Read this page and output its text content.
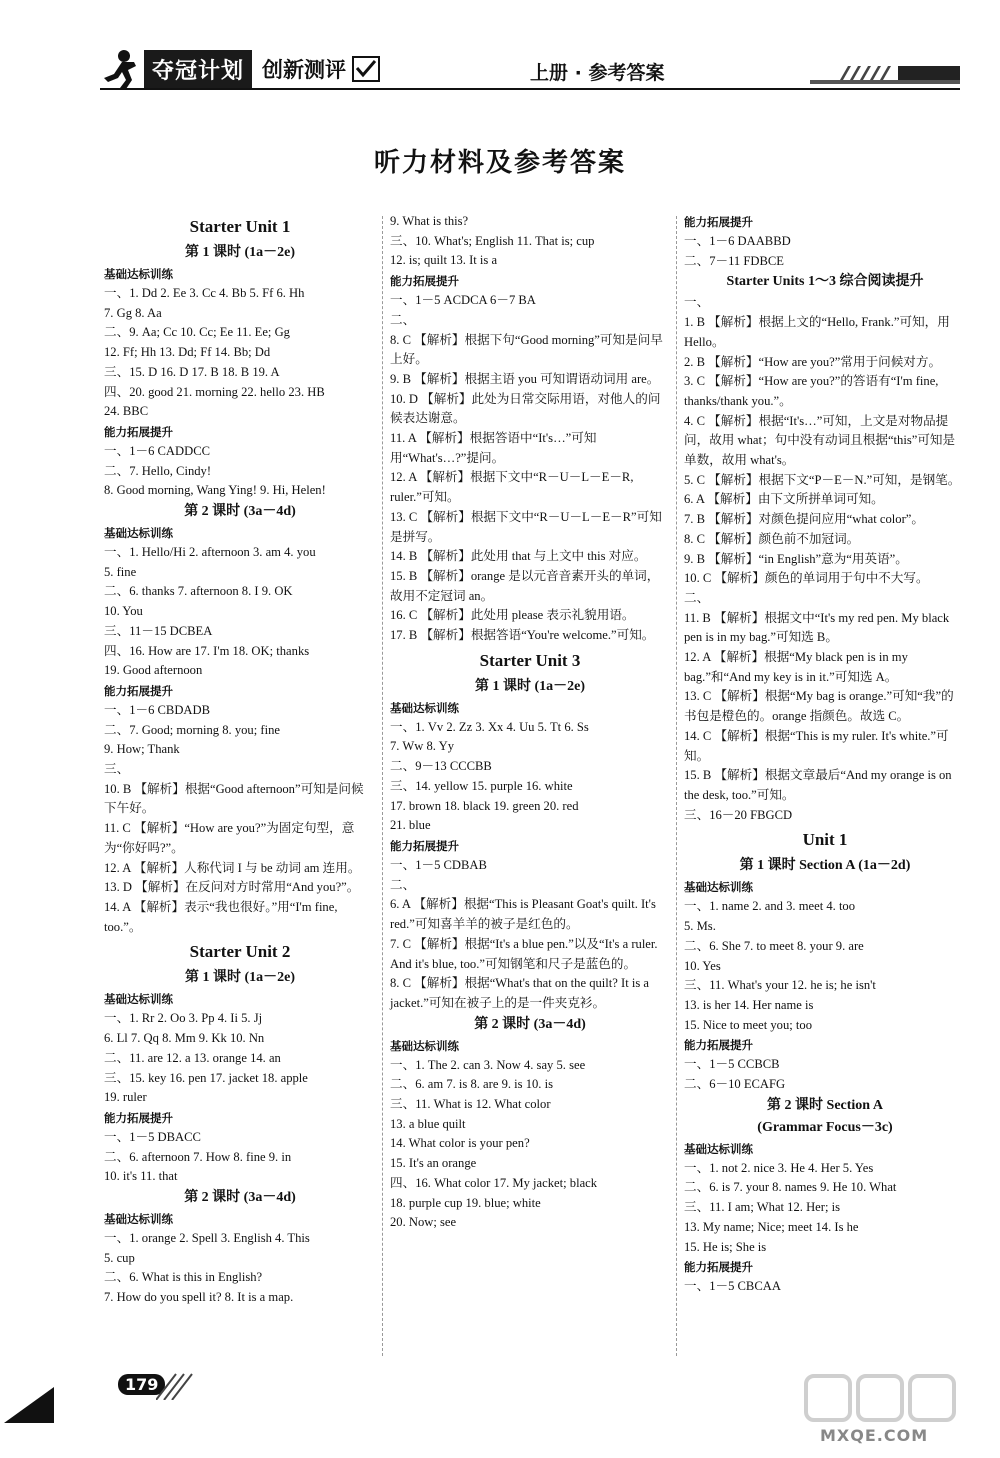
夺冠计划 创新测评	上册 · 参考答案
听力材料及参考答案
Starter Unit 1
第 1 课时 (1a－2e)
基础达标训练
一、1. Dd 2. Ee 3. Cc 4. Bb 5. Ff 6. Hh
7. Gg 8. Aa
二、9. Aa; Cc 10. Cc; Ee 11. Ee; Gg
12. Ff; Hh 13. Dd; Ff 14. Bb; Dd
三、15. D 16. D 17. B 18. B 19. A
四、20. good 21. morning 22. hello 23. HB
24. BBC
能力拓展提升
一、1－6 CADDCC
二、7. Hello, Cindy!
8. Good morning, Wang Ying! 9. Hi, Helen!
第 2 课时 (3a－4d)
基础达标训练
一、1. Hello/Hi 2. afternoon 3. am 4. you
5. fine
二、6. thanks 7. afternoon 8. I 9. OK
10. You
三、11－15 DCBEA
四、16. How are 17. I'm 18. OK; thanks
19. Good afternoon
能力拓展提升
一、1－6 CBDADB
二、7. Good; morning 8. you; fine
9. How; Thank
三、
10. B 【解析】根据“Good afternoon”可知是问候下午好。
11. C 【解析】“How are you?”为固定句型，意为“你好吗?”。
12. A 【解析】人称代词 I 与 be 动词 am 连用。
13. D 【解析】在反问对方时常用“And you?”。
14. A 【解析】表示“我也很好。”用“I'm fine, too.”。
Starter Unit 2
第 1 课时 (1a－2e)
基础达标训练
一、1. Rr 2. Oo 3. Pp 4. Ii 5. Jj
6. Ll 7. Qq 8. Mm 9. Kk 10. Nn
二、11. are 12. a 13. orange 14. an
三、15. key 16. pen 17. jacket 18. apple
19. ruler
能力拓展提升
一、1－5 DBACC
二、6. afternoon 7. How 8. fine 9. in
10. it's 11. that
第 2 课时 (3a－4d)
基础达标训练
一、1. orange 2. Spell 3. English 4. This
5. cup
二、6. What is this in English?
7. How do you spell it? 8. It is a map.
9. What is this?
三、10. What's; English 11. That is; cup
12. is; quilt 13. It is a
能力拓展提升
一、1－5 ACDCA 6－7 BA
二、
8. C 【解析】根据下句“Good morning”可知是问早上好。
9. B 【解析】根据主语 you 可知谓语动词用 are。
10. D 【解析】此处为日常交际用语，对他人的问候表达谢意。
11. A 【解析】根据答语中“It's…”可知用“What's…?”提问。
12. A 【解析】根据下文中“R－U－L－E－R, ruler.”可知。
13. C 【解析】根据下文中“R－U－L－E－R”可知是拼写。
14. B 【解析】此处用 that 与上文中 this 对应。
15. B 【解析】orange 是以元音音素开头的单词，故用不定冠词 an。
16. C 【解析】此处用 please 表示礼貌用语。
17. B 【解析】根据答语“You're welcome.”可知。
Starter Unit 3
第 1 课时 (1a－2e)
基础达标训练
一、1. Vv 2. Zz 3. Xx 4. Uu 5. Tt 6. Ss
7. Ww 8. Yy
二、9－13 CCCBB
三、14. yellow 15. purple 16. white
17. brown 18. black 19. green 20. red
21. blue
能力拓展提升
一、1－5 CDBAB
二、
6. A 【解析】根据“This is Pleasant Goat's quilt. It's red.”可知喜羊羊的被子是红色的。
7. C 【解析】根据“It's a blue pen.”以及“It's a ruler. And it's blue, too.”可知钢笔和尺子是蓝色的。
8. C 【解析】根据“What's that on the quilt? It is a jacket.”可知在被子上的是一件夹克衫。
第 2 课时 (3a－4d)
基础达标训练
一、1. The 2. can 3. Now 4. say 5. see
二、6. am 7. is 8. are 9. is 10. is
三、11. What is 12. What color
13. a blue quilt
14. What color is your pen?
15. It's an orange
四、16. What color 17. My jacket; black
18. purple cup 19. blue; white
20. Now; see
能力拓展提升
一、1－6 DAABBD
二、7－11 FDBCE
Starter Units 1～3 综合阅读提升
一、
1. B 【解析】根据上文的“Hello, Frank.”可知，用 Hello。
2. B 【解析】“How are you?”常用于问候对方。
3. C 【解析】“How are you?”的答语有“I'm fine, thanks/thank you.”。
4. C 【解析】根据“It's…”可知，上文是对物品提问，故用 what；句中没有动词且根据“this”可知是单数，故用 what's。
5. C 【解析】根据下文“P－E－N.”可知，是钢笔。
6. A 【解析】由下文所拼单词可知。
7. B 【解析】对颜色提问应用“what color”。
8. C 【解析】颜色前不加冠词。
9. B 【解析】“in English”意为“用英语”。
10. C 【解析】颜色的单词用于句中不大写。
二、
11. B 【解析】根据文中“It's my red pen. My black pen is in my bag.”可知选 B。
12. A 【解析】根据“My black pen is in my bag.”和“And my key is in it.”可知选 A。
13. C 【解析】根据“My bag is orange.”可知“我”的书包是橙色的。orange 指颜色。故选 C。
14. C 【解析】根据“This is my ruler. It's white.”可知。
15. B 【解析】根据文章最后“And my orange is on the desk, too.”可知。
三、16－20 FBGCD
Unit 1
第 1 课时 Section A (1a－2d)
基础达标训练
一、1. name 2. and 3. meet 4. too
5. Ms.
二、6. She 7. to meet 8. your 9. are
10. Yes
三、11. What's your 12. he is; he isn't
13. is her 14. Her name is
15. Nice to meet you; too
能力拓展提升
一、1－5 CCBCB
二、6－10 ECAFG
第 2 课时 Section A
(Grammar Focus－3c)
基础达标训练
一、1. not 2. nice 3. He 4. Her 5. Yes
二、6. is 7. your 8. names 9. He 10. What
三、11. I am; What 12. Her; is
13. My name; Nice; meet 14. Is he
15. He is; She is
能力拓展提升
一、1－5 CBCAA
179
MXQE.COM
